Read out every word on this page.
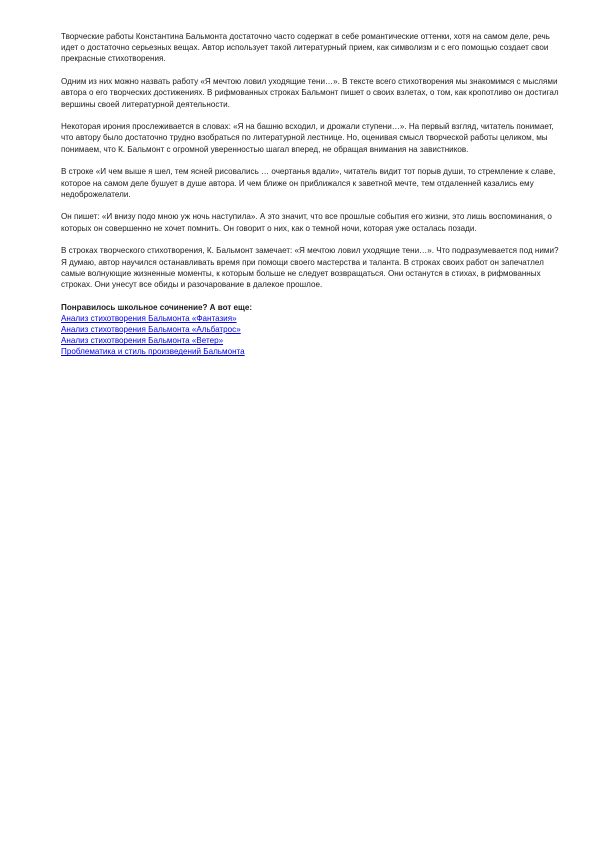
Творческие работы Константина Бальмонта достаточно часто содержат в себе романтические оттенки, хотя на самом деле, речь идет о достаточно серьезных вещах. Автор использует такой литературный прием, как символизм и с его помощью создает свои прекрасные стихотворения.

Одним из них можно назвать работу «Я мечтою ловил уходящие тени…». В тексте всего стихотворения мы знакомимся с мыслями автора о его творческих достижениях. В рифмованных строках Бальмонт пишет о своих взлетах, о том, как кропотливо он достигал вершины своей литературной деятельности.

Некоторая ирония прослеживается в словах: «Я на башню всходил, и дрожали ступени…». На первый взгляд, читатель понимает, что автору было достаточно трудно взобраться по литературной лестнице. Но, оценивая смысл творческой работы целиком, мы понимаем, что К. Бальмонт с огромной уверенностью шагал вперед, не обращая внимания на завистников.

В строке «И чем выше я шел, тем ясней рисовались … очертанья вдали», читатель видит тот порыв души, то стремление к славе, которое на самом деле бушует в душе автора. И чем ближе он приближался к заветной мечте, тем отдаленней казались ему недоброжелатели.

Он пишет: «И внизу подо мною уж ночь наступила». А это значит, что все прошлые события его жизни, это лишь воспоминания, о которых он совершенно не хочет помнить. Он говорит о них, как о темной ночи, которая уже осталась позади.

В строках творческого стихотворения, К. Бальмонт замечает: «Я мечтою ловил уходящие тени…». Что подразумевается под ними? Я думаю, автор научился останавливать время при помощи своего мастерства и таланта. В строках своих работ он запечатлел самые волнующие жизненные моменты, к которым больше не следует возвращаться. Они останутся в стихах, в рифмованных строках. Они унесут все обиды и разочарование в далекое прошлое.

Понравилось школьное сочинение? А вот еще:

Анализ стихотворения Бальмонта «Фантазия»
Анализ стихотворения Бальмонта «Альбатрос»
Анализ стихотворения Бальмонта «Ветер»
Проблематика и стиль произведений Бальмонта
